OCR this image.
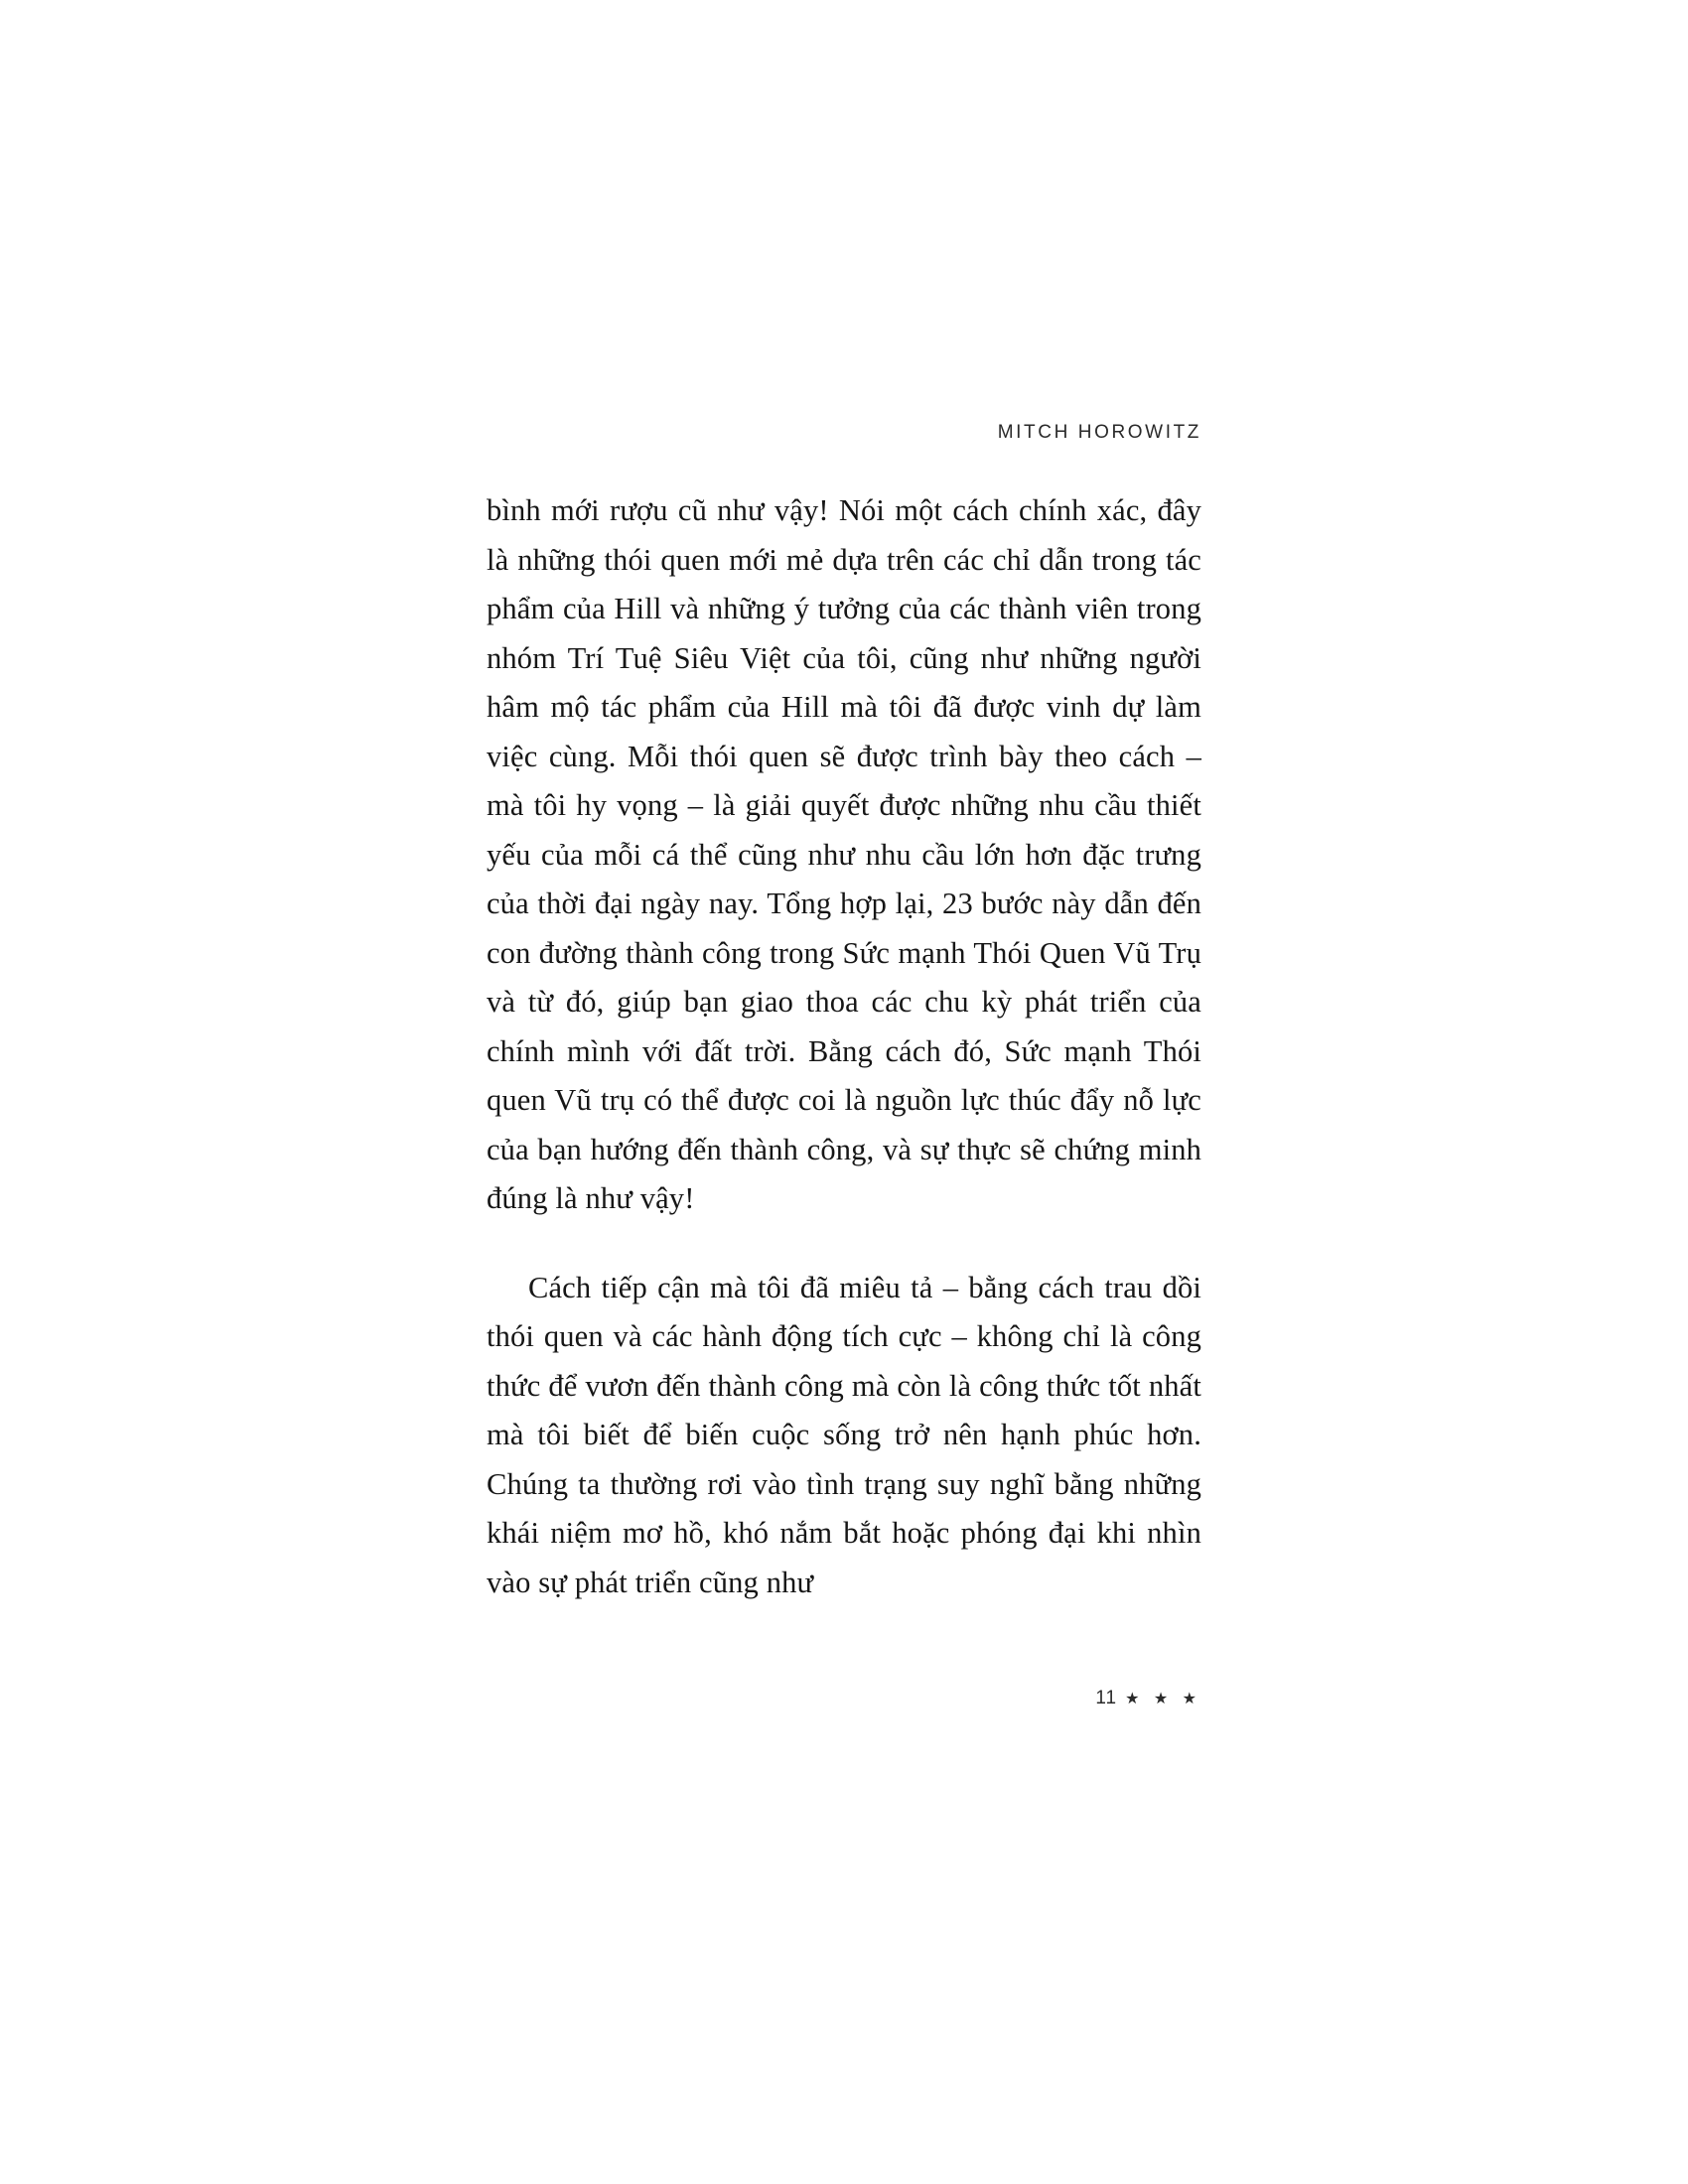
MITCH HOROWITZ

bình mới rượu cũ như vậy! Nói một cách chính xác, đây là những thói quen mới mẻ dựa trên các chỉ dẫn trong tác phẩm của Hill và những ý tưởng của các thành viên trong nhóm Trí Tuệ Siêu Việt của tôi, cũng như những người hâm mộ tác phẩm của Hill mà tôi đã được vinh dự làm việc cùng. Mỗi thói quen sẽ được trình bày theo cách – mà tôi hy vọng – là giải quyết được những nhu cầu thiết yếu của mỗi cá thể cũng như nhu cầu lớn hơn đặc trưng của thời đại ngày nay. Tổng hợp lại, 23 bước này dẫn đến con đường thành công trong Sức mạnh Thói Quen Vũ Trụ và từ đó, giúp bạn giao thoa các chu kỳ phát triển của chính mình với đất trời. Bằng cách đó, Sức mạnh Thói quen Vũ trụ có thể được coi là nguồn lực thúc đẩy nỗ lực của bạn hướng đến thành công, và sự thực sẽ chứng minh đúng là như vậy!

Cách tiếp cận mà tôi đã miêu tả – bằng cách trau dồi thói quen và các hành động tích cực – không chỉ là công thức để vươn đến thành công mà còn là công thức tốt nhất mà tôi biết để biến cuộc sống trở nên hạnh phúc hơn. Chúng ta thường rơi vào tình trạng suy nghĩ bằng những khái niệm mơ hồ, khó nắm bắt hoặc phóng đại khi nhìn vào sự phát triển cũng như

11 ★ ★ ★
